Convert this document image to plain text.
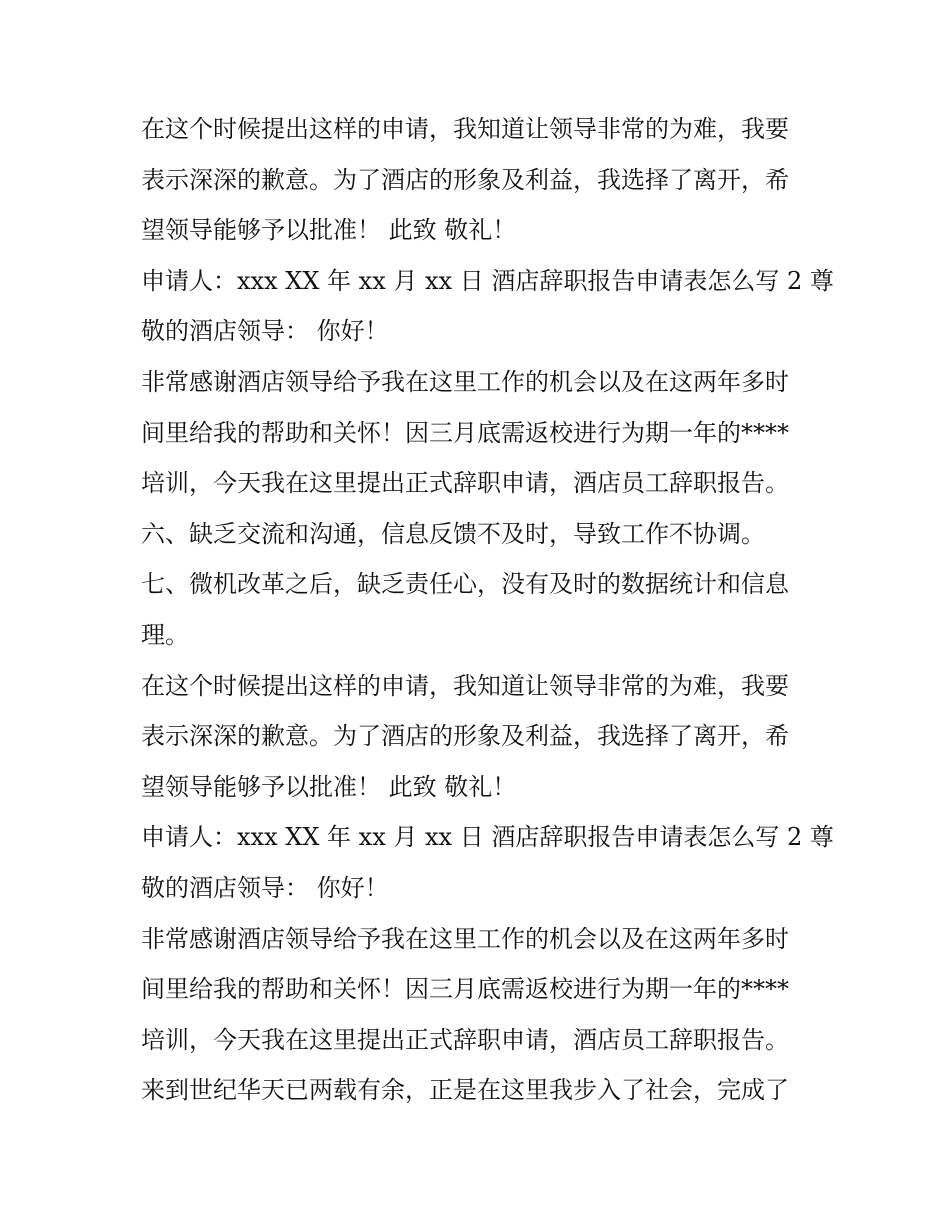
在这个时候提出这样的申请，我知道让领导非常的为难，我要
表示深深的歉意。为了酒店的形象及利益，我选择了离开，希
望领导能够予以批准！ 此致 敬礼！
申请人：xxx XX 年 xx 月 xx 日 酒店辞职报告申请表怎么写 2 尊
敬的酒店领导： 你好！
非常感谢酒店领导给予我在这里工作的机会以及在这两年多时
间里给我的帮助和关怀！因三月底需返校进行为期一年的****
培训，今天我在这里提出正式辞职申请，酒店员工辞职报告。
六、缺乏交流和沟通，信息反馈不及时，导致工作不协调。
七、微机改革之后，缺乏责任心，没有及时的数据统计和信息
理。
在这个时候提出这样的申请，我知道让领导非常的为难，我要
表示深深的歉意。为了酒店的形象及利益，我选择了离开，希
望领导能够予以批准！ 此致 敬礼！
申请人：xxx XX 年 xx 月 xx 日 酒店辞职报告申请表怎么写 2 尊
敬的酒店领导： 你好！
非常感谢酒店领导给予我在这里工作的机会以及在这两年多时
间里给我的帮助和关怀！因三月底需返校进行为期一年的****
培训，今天我在这里提出正式辞职申请，酒店员工辞职报告。
来到世纪华天已两载有余，正是在这里我步入了社会，完成了
